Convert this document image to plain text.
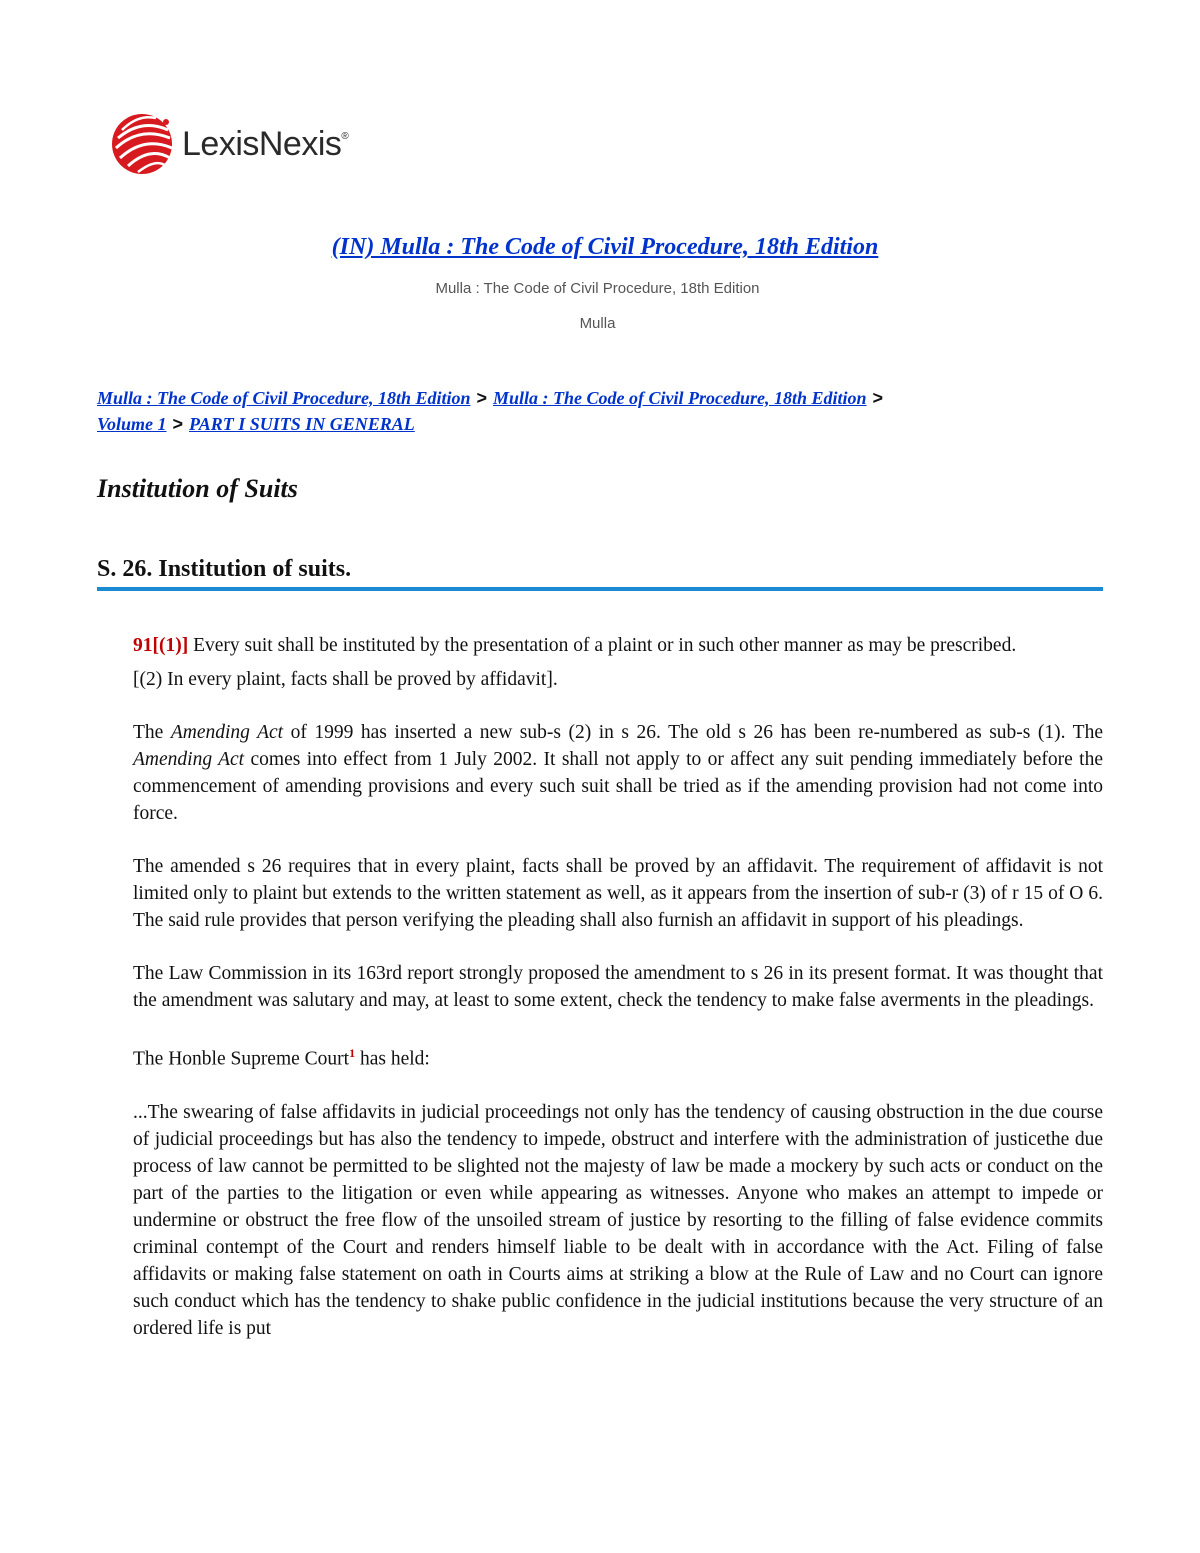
LexisNexis®
(IN) Mulla : The Code of Civil Procedure, 18th Edition
Mulla : The Code of Civil Procedure, 18th Edition
Mulla
Mulla : The Code of Civil Procedure, 18th Edition > Mulla : The Code of Civil Procedure, 18th Edition >
Volume 1 > PART I SUITS IN GENERAL
Institution of Suits
S. 26. Institution of suits.

91[(1)] Every suit shall be instituted by the presentation of a plaint or in such other manner as may be prescribed.

[(2) In every plaint, facts shall be proved by affidavit].

The Amending Act of 1999 has inserted a new sub-s (2) in s 26. The old s 26 has been re-numbered as sub-s (1). The Amending Act comes into effect from 1 July 2002. It shall not apply to or affect any suit pending immediately before the commencement of amending provisions and every such suit shall be tried as if the amending provision had not come into force.

The amended s 26 requires that in every plaint, facts shall be proved by an affidavit. The requirement of affidavit is not limited only to plaint but extends to the written statement as well, as it appears from the insertion of sub-r (3) of r 15 of O 6. The said rule provides that person verifying the pleading shall also furnish an affidavit in support of his pleadings.

The Law Commission in its 163rd report strongly proposed the amendment to s 26 in its present format. It was thought that the amendment was salutary and may, at least to some extent, check the tendency to make false averments in the pleadings.

The Honble Supreme Court$^1$ has held:

...The swearing of false affidavits in judicial proceedings not only has the tendency of causing obstruction in the due course of judicial proceedings but has also the tendency to impede, obstruct and interfere with the administration of justicethe due process of law cannot be permitted to be slighted not the majesty of law be made a mockery by such acts or conduct on the part of the parties to the litigation or even while appearing as witnesses. Anyone who makes an attempt to impede or undermine or obstruct the free flow of the unsoiled stream of justice by resorting to the filling of false evidence commits criminal contempt of the Court and renders himself liable to be dealt with in accordance with the Act. Filing of false affidavits or making false statement on oath in Courts aims at striking a blow at the Rule of Law and no Court can ignore such conduct which has the tendency to shake public confidence in the judicial institutions because the very structure of an ordered life is put
